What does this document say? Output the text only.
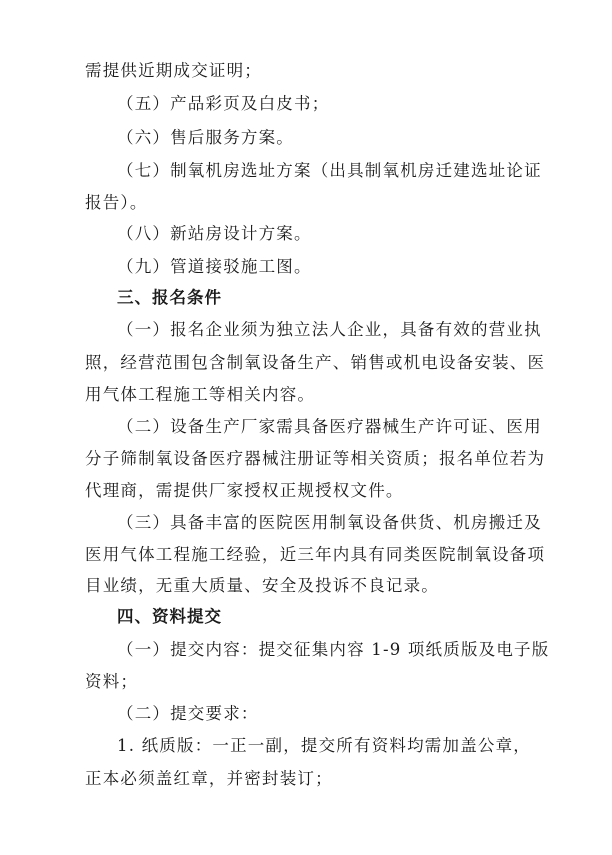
需提供近期成交证明；
（五）产品彩页及白皮书；
（六）售后服务方案。
（七）制氧机房选址方案（出具制氧机房迁建选址论证
报告）。
（八）新站房设计方案。
（九）管道接驳施工图。
三、报名条件
（一）报名企业须为独立法人企业，具备有效的营业执
照，经营范围包含制氧设备生产、销售或机电设备安装、医
用气体工程施工等相关内容。
（二）设备生产厂家需具备医疗器械生产许可证、医用
分子筛制氧设备医疗器械注册证等相关资质；报名单位若为
代理商，需提供厂家授权正规授权文件。
（三）具备丰富的医院医用制氧设备供货、机房搬迁及
医用气体工程施工经验，近三年内具有同类医院制氧设备项
目业绩，无重大质量、安全及投诉不良记录。
四、资料提交
（一）提交内容：提交征集内容 1-9 项纸质版及电子版
资料；
（二）提交要求：
1. 纸质版：一正一副，提交所有资料均需加盖公章，
正本必须盖红章，并密封装订；
